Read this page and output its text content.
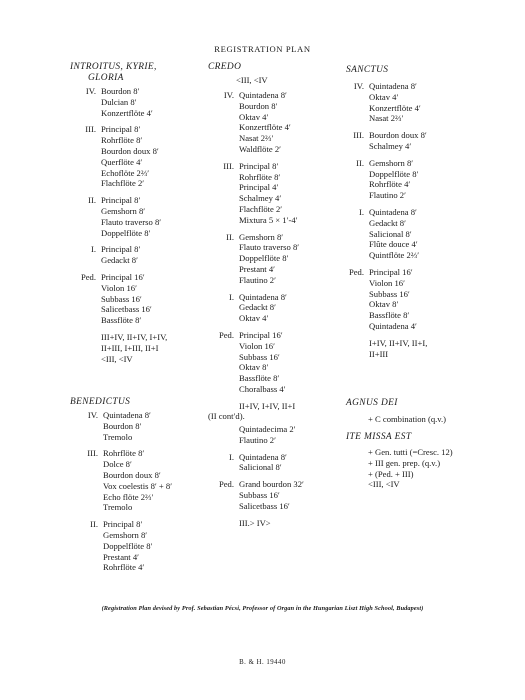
REGISTRATION PLAN
INTROITUS, KYRIE,
GLORIA
IV. Bourdon 8′
Dulcian 8′
Konzertflöte 4′
III. Principal 8′
Rohrflöte 8′
Bourdon doux 8′
Querflöte 4′
Echoflöte 2⅔′
Flachflöte 2′
II. Principal 8′
Gemshorn 8′
Flauto traverso 8′
Doppelflöte 8′
I. Principal 8′
Gedackt 8′
Ped. Principal 16′
Violon 16′
Subbass 16′
Salicetbass 16′
Bassflöte 8′
III+IV, II+IV, I+IV,
II+III, I+III, II+I
<III, <IV
CREDO
<III, <IV
IV. Quintadena 8′
Bourdon 8′
Oktav 4′
Konzertflöte 4′
Nasat 2⅔′
Waldflöte 2′
III. Principal 8′
Rohrflöte 8′
Principal 4′
Schalmey 4′
Flachflöte 2′
Mixtura 5 × 1′-4′
II. Gemshorn 8′
Flauto traverso 8′
Doppelflöte 8′
Prestant 4′
Flautino 2′
I. Quintadena 8′
Gedackt 8′
Oktav 4′
Ped. Principal 16′
Violon 16′
Subbass 16′
Oktav 8′
Bassflöte 8′
Choralbass 4′
II+IV, I+IV, II+I
SANCTUS
IV. Quintadena 8′
Oktav 4′
Konzertflöte 4′
Nasat 2⅔′
III. Bourdon doux 8′
Schalmey 4′
II. Gemshorn 8′
Doppelflöte 8′
Rohrflöte 4′
Flautino 2′
I. Quintadena 8′
Gedackt 8′
Salicional 8′
Flûte douce 4′
Quintflöte 2⅔′
Ped. Principal 16′
Violon 16′
Subbass 16′
Oktav 8′
Bassflöte 8′
Quintadena 4′
I+IV, II+IV, II+I,
II+III
BENEDICTUS
IV. Quintadena 8′
Bourdon 8′
Tremolo
III. Rohrflöte 8′
Dolce 8′
Bourdon doux 8′
Vox coelestis 8′ + 8′
Echo flöte 2⅔′
Tremolo
II. Principal 8′
Gemshorn 8′
Doppelflöte 8′
Prestant 4′
Rohrflöte 4′
(II cont′d).
Quintadecima 2′
Flautino 2′
I. Quintadena 8′
Salicional 8′
Ped. Grand bourdon 32′
Subbass 16′
Salicetbass 16′
III.> IV>
AGNUS DEI
+ C combination (q.v.)
ITE MISSA EST
+ Gen. tutti (=Cresc. 12)
+ III gen. prep. (q.v.)
+ (Ped. + III)
<III, <IV
(Registration Plan devised by Prof. Sebastian Pécsi, Professor of Organ in the Hungarian Liszt High School, Budapest)
B. & H. 19440
